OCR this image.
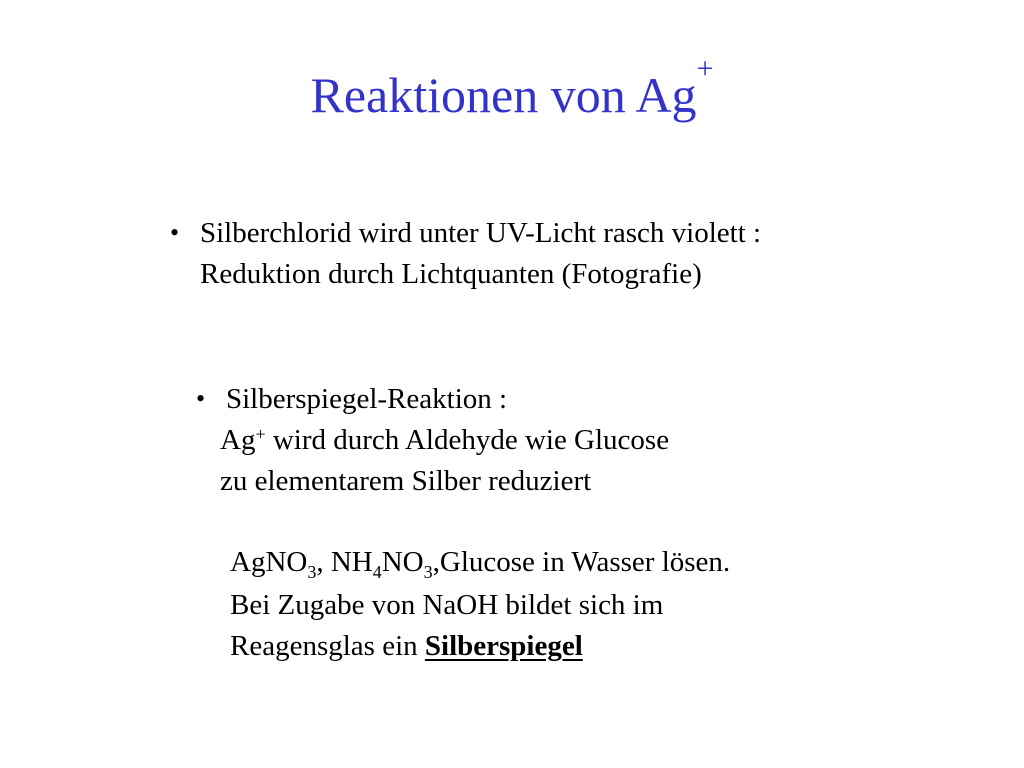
Reaktionen von Ag+
• Silberchlorid wird unter UV-Licht rasch violett :
Reduktion durch Lichtquanten (Fotografie)
• Silberspiegel-Reaktion :
Ag+ wird durch Aldehyde wie Glucose
zu elementarem Silber reduziert
AgNO$_3$, $NH_4NO_3,Glucose$ in Wasser lösen.
Bei Zugabe von NaOH bildet sich im
Reagensglas ein Silberspiegel
